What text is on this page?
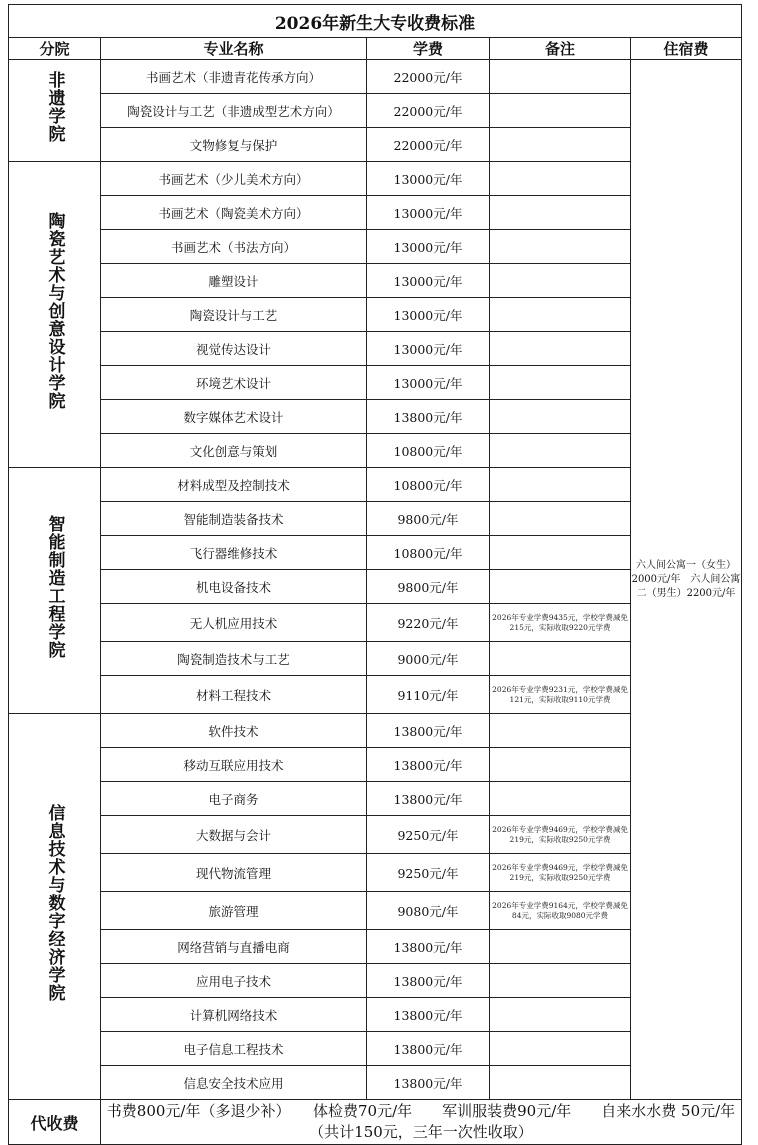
2026年新生大专收费标准				
分院	专业名称	学费	备注	住宿费
非遗学院	书画艺术（非遗青花传承方向）	22000元/年		六人间公寓一（女生）2000元/年　六人间公寓二（男生）2200元/年
	陶瓷设计与工艺（非遗成型艺术方向）	22000元/年		
	文物修复与保护	22000元/年		
陶瓷艺术与创意设计学院	书画艺术（少儿美术方向）	13000元/年		
	书画艺术（陶瓷美术方向）	13000元/年		
	书画艺术（书法方向）	13000元/年		
	雕塑设计	13000元/年		
	陶瓷设计与工艺	13000元/年		
	视觉传达设计	13000元/年		
	环境艺术设计	13000元/年		
	数字媒体艺术设计	13800元/年		
	文化创意与策划	10800元/年		
智能制造工程学院	材料成型及控制技术	10800元/年		
	智能制造装备技术	9800元/年		
	飞行器维修技术	10800元/年		
	机电设备技术	9800元/年		
	无人机应用技术	9220元/年	2026年专业学费9435元，学校学费减免215元，实际收取9220元学费	
	陶瓷制造技术与工艺	9000元/年		
	材料工程技术	9110元/年	2026年专业学费9231元，学校学费减免121元，实际收取9110元学费	
信息技术与数字经济学院	软件技术	13800元/年		
	移动互联应用技术	13800元/年		
	电子商务	13800元/年		
	大数据与会计	9250元/年	2026年专业学费9469元，学校学费减免219元，实际收取9250元学费	
	现代物流管理	9250元/年	2026年专业学费9469元，学校学费减免219元，实际收取9250元学费	
	旅游管理	9080元/年	2026年专业学费9164元，学校学费减免84元，实际收取9080元学费	
	网络营销与直播电商	13800元/年		
	应用电子技术	13800元/年		
	计算机网络技术	13800元/年		
	电子信息工程技术	13800元/年		
	信息安全技术应用	13800元/年		
代收费	书费800元/年（多退少补）　　体检费70元/年　　军训服装费90元/年　　自来水水费 50元/年（共计150元，三年一次性收取）			
